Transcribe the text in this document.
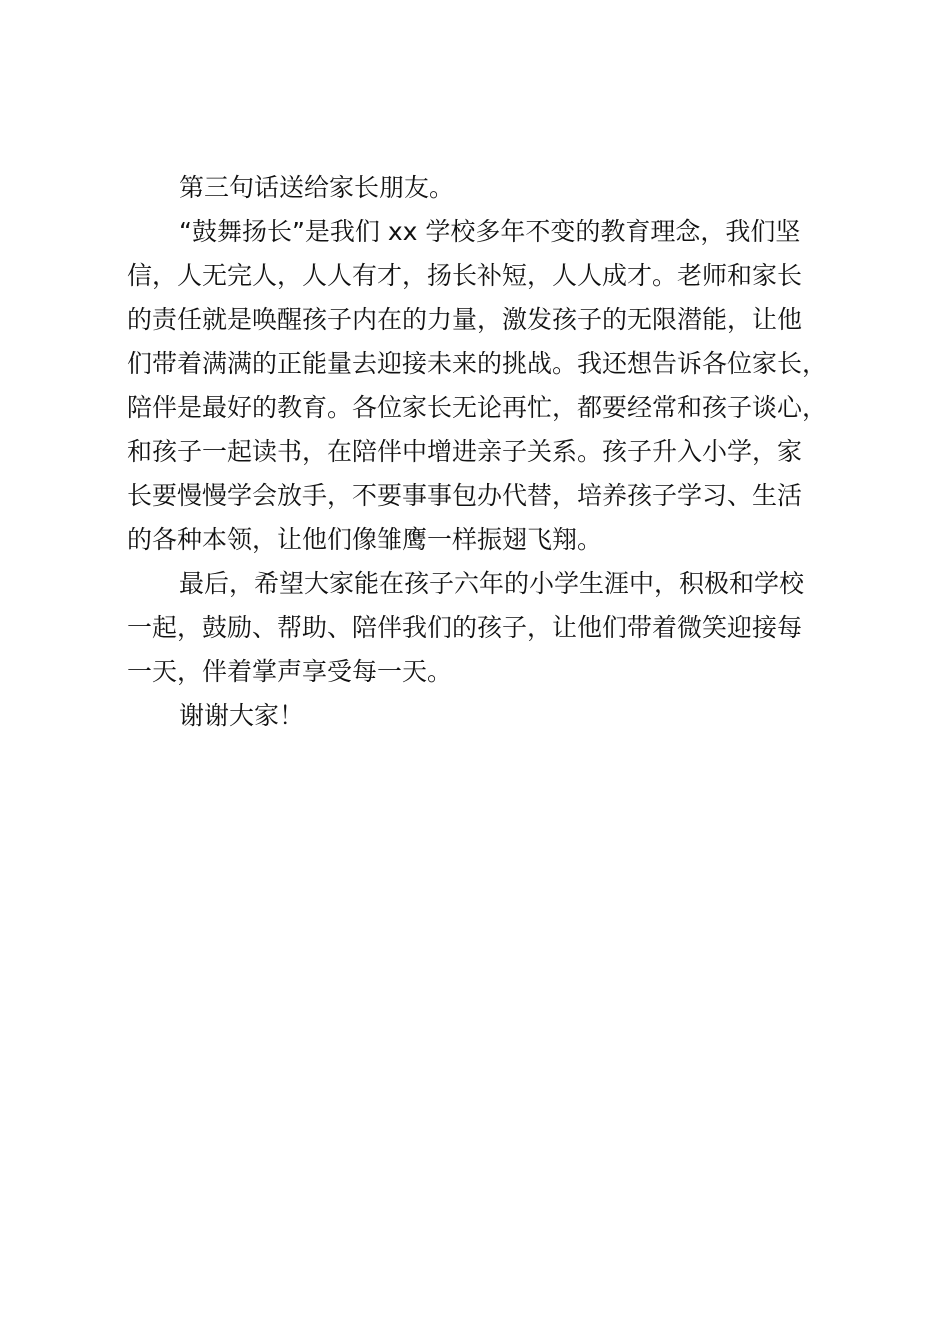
第三句话送给家长朋友。
“鼓舞扬长”是我们 xx 学校多年不变的教育理念，我们坚
信，人无完人，人人有才，扬长补短，人人成才。老师和家长
的责任就是唤醒孩子内在的力量，激发孩子的无限潜能，让他
们带着满满的正能量去迎接未来的挑战。我还想告诉各位家长，
陪伴是最好的教育。各位家长无论再忙，都要经常和孩子谈心，
和孩子一起读书，在陪伴中增进亲子关系。孩子升入小学，家
长要慢慢学会放手，不要事事包办代替，培养孩子学习、生活
的各种本领，让他们像雏鹰一样振翅飞翔。
最后，希望大家能在孩子六年的小学生涯中，积极和学校
一起，鼓励、帮助、陪伴我们的孩子，让他们带着微笑迎接每
一天，伴着掌声享受每一天。
谢谢大家！
